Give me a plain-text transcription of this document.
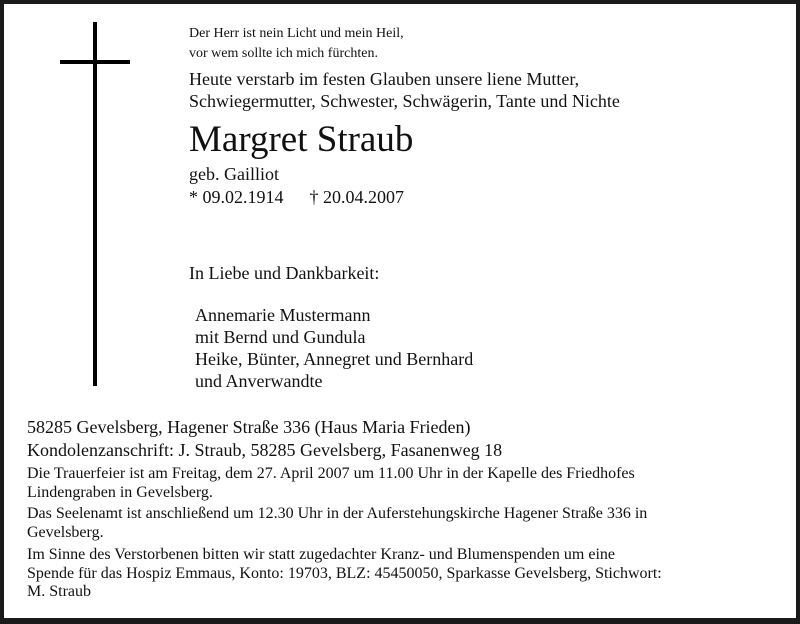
Der Herr ist nein Licht und mein Heil,
vor wem sollte ich mich fürchten.
Heute verstarb im festen Glauben unsere liene Mutter,
Schwiegermutter, Schwester, Schwägerin, Tante und Nichte
Margret Straub
geb. Gailliot
* 09.02.1914 † 20.04.2007
In Liebe und Dankbarkeit:
Annemarie Mustermann
mit Bernd und Gundula
Heike, Bünter, Annegret und Bernhard
und Anverwandte
58285 Gevelsberg, Hagener Straße 336 (Haus Maria Frieden)
Kondolenzanschrift: J. Straub, 58285 Gevelsberg, Fasanenweg 18
Die Trauerfeier ist am Freitag, dem 27. April 2007 um 11.00 Uhr in der Kapelle des Friedhofes
Lindengraben in Gevelsberg.
Das Seelenamt ist anschließend um 12.30 Uhr in der Auferstehungskirche Hagener Straße 336 in
Gevelsberg.
Im Sinne des Verstorbenen bitten wir statt zugedachter Kranz- und Blumenspenden um eine
Spende für das Hospiz Emmaus, Konto: 19703, BLZ: 45450050, Sparkasse Gevelsberg, Stichwort:
M. Straub
